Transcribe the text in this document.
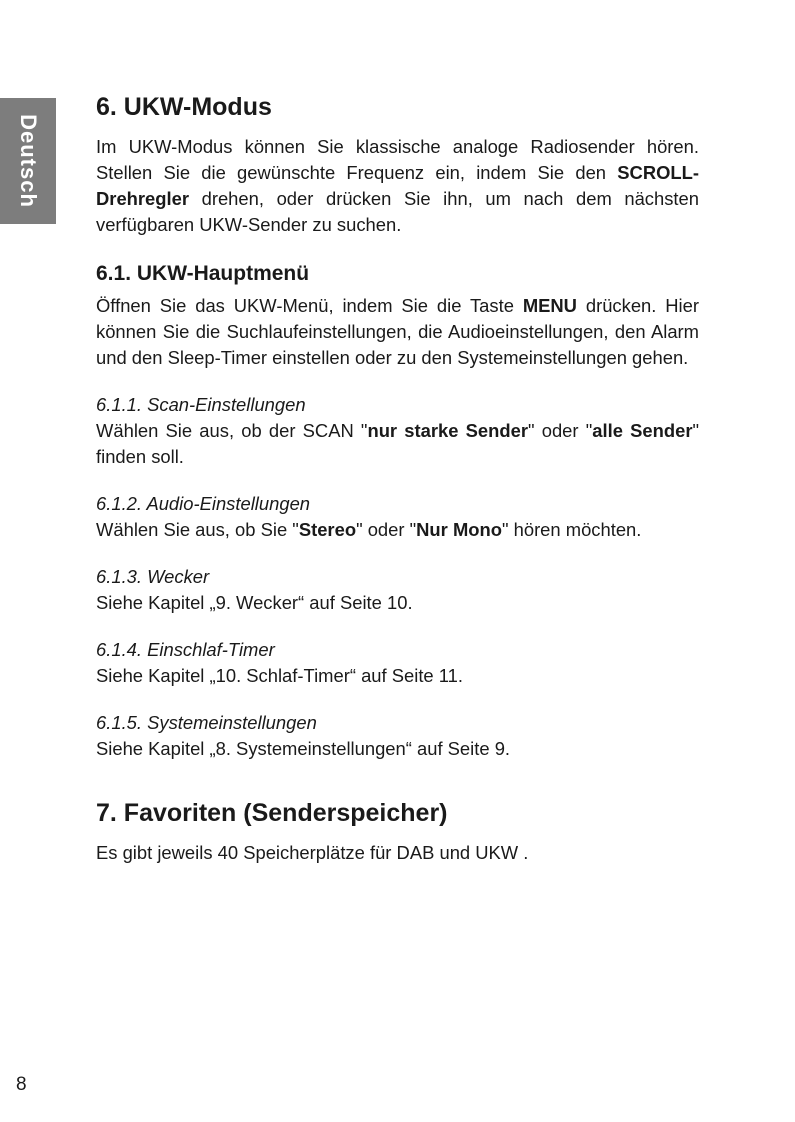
Deutsch
6. UKW-Modus

Im UKW-Modus können Sie klassische analoge Radiosender hören. Stellen Sie die gewünschte Frequenz ein, indem Sie den SCROLL-Drehregler drehen, oder drücken Sie ihn, um nach dem nächsten verfügbaren UKW-Sender zu suchen.

6.1. UKW-Hauptmenü

Öffnen Sie das UKW-Menü, indem Sie die Taste MENU drücken. Hier können Sie die Suchlaufeinstellungen, die Audioeinstellungen, den Alarm und den Sleep-Timer einstellen oder zu den Systemeinstellungen gehen.

6.1.1. Scan-Einstellungen

Wählen Sie aus, ob der SCAN "nur starke Sender" oder "alle Sender" finden soll.

6.1.2. Audio-Einstellungen

Wählen Sie aus, ob Sie "Stereo" oder "Nur Mono" hören möchten.

6.1.3. Wecker

Siehe Kapitel „9. Wecker“ auf Seite 10.

6.1.4. Einschlaf-Timer

Siehe Kapitel „10. Schlaf-Timer“ auf Seite 11.

6.1.5. Systemeinstellungen

Siehe Kapitel „8. Systemeinstellungen“ auf Seite 9.

7. Favoriten (Senderspeicher)

Es gibt jeweils 40 Speicherplätze für DAB und UKW .

8
